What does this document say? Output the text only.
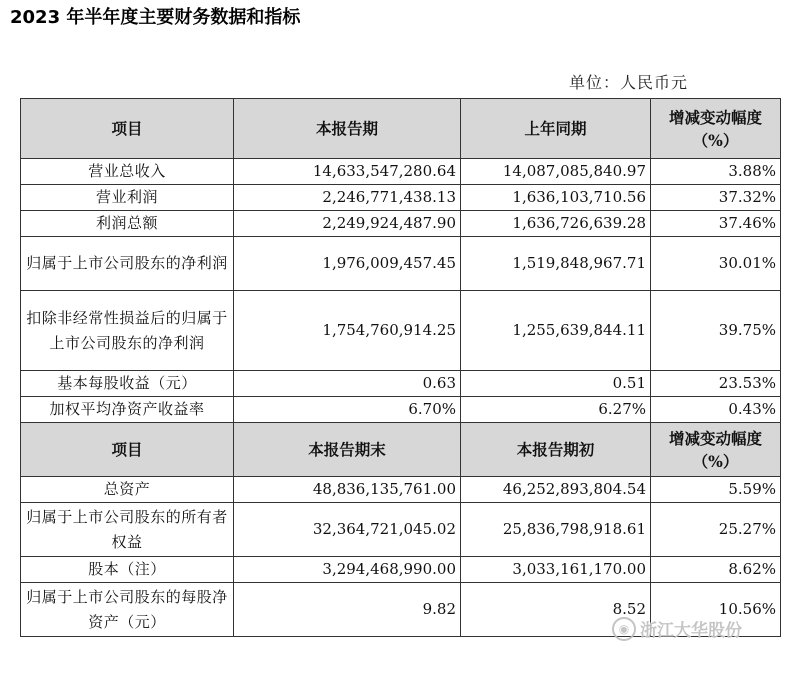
2023 年半年度主要财务数据和指标
单位：人民币元
项目	本报告期	上年同期	增减变动幅度
（%）

营业总收入	14,633,547,280.64	14,087,085,840.97	3.88%
营业利润	2,246,771,438.13	1,636,103,710.56	37.32%
利润总额	2,249,924,487.90	1,636,726,639.28	37.46%
归属于上市公司股东的净利润	1,976,009,457.45	1,519,848,967.71	30.01%
扣除非经常性损益后的归属于上市公司股东的净利润	1,754,760,914.25	1,255,639,844.11	39.75%
基本每股收益（元）	0.63	0.51	23.53%
加权平均净资产收益率	6.70%	6.27%	0.43%
项目	本报告期末	本报告期初	增减变动幅度
（%）

总资产	48,836,135,761.00	46,252,893,804.54	5.59%
归属于上市公司股东的所有者权益	32,364,721,045.02	25,836,798,918.61	25.27%
股本（注）	3,294,468,990.00	3,033,161,170.00	8.62%
归属于上市公司股东的每股净资产（元）	9.82	8.52	10.56%
◉ 浙江大华股份
